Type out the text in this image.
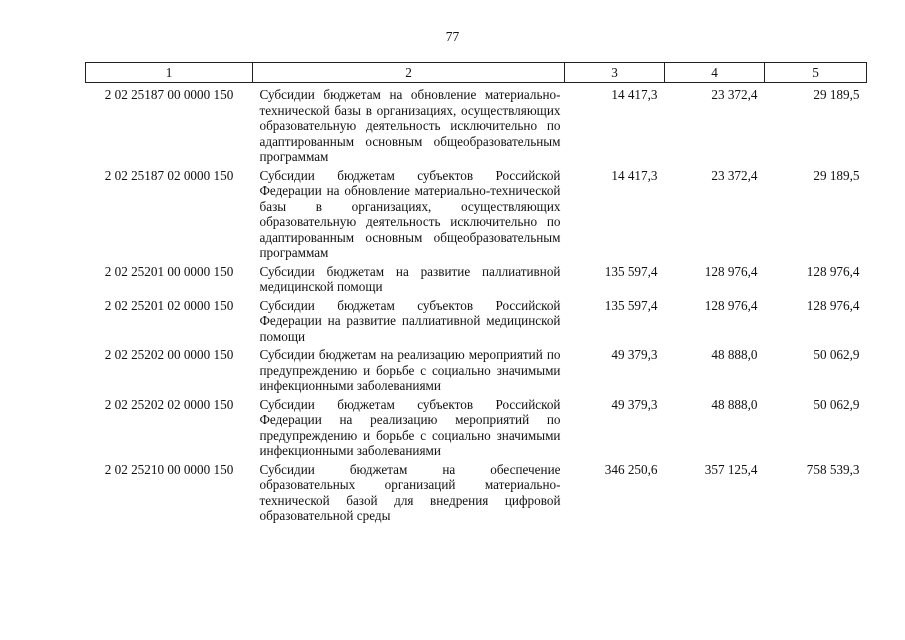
77
1	2	3	4	5
2 02 25187 00 0000 150	Субсидии бюджетам на обновление материально-технической базы в организациях, осуществляющих образовательную деятельность исключительно по адаптированным основным общеобразовательным программам	14 417,3	23 372,4	29 189,5
2 02 25187 02 0000 150	Субсидии бюджетам субъектов Российской Федерации на обновление материально-технической базы в организациях, осуществляющих образовательную деятельность исключительно по адаптированным основным общеобразовательным программам	14 417,3	23 372,4	29 189,5
2 02 25201 00 0000 150	Субсидии бюджетам на развитие паллиативной медицинской помощи	135 597,4	128 976,4	128 976,4
2 02 25201 02 0000 150	Субсидии бюджетам субъектов Российской Федерации на развитие паллиативной медицинской помощи	135 597,4	128 976,4	128 976,4
2 02 25202 00 0000 150	Субсидии бюджетам на реализацию мероприятий по предупреждению и борьбе с социально значимыми инфекционными заболеваниями	49 379,3	48 888,0	50 062,9
2 02 25202 02 0000 150	Субсидии бюджетам субъектов Российской Федерации на реализацию мероприятий по предупреждению и борьбе с социально значимыми инфекционными заболеваниями	49 379,3	48 888,0	50 062,9
2 02 25210 00 0000 150	Субсидии бюджетам на обеспечение образовательных организаций материально-технической базой для внедрения цифровой образовательной среды	346 250,6	357 125,4	758 539,3
